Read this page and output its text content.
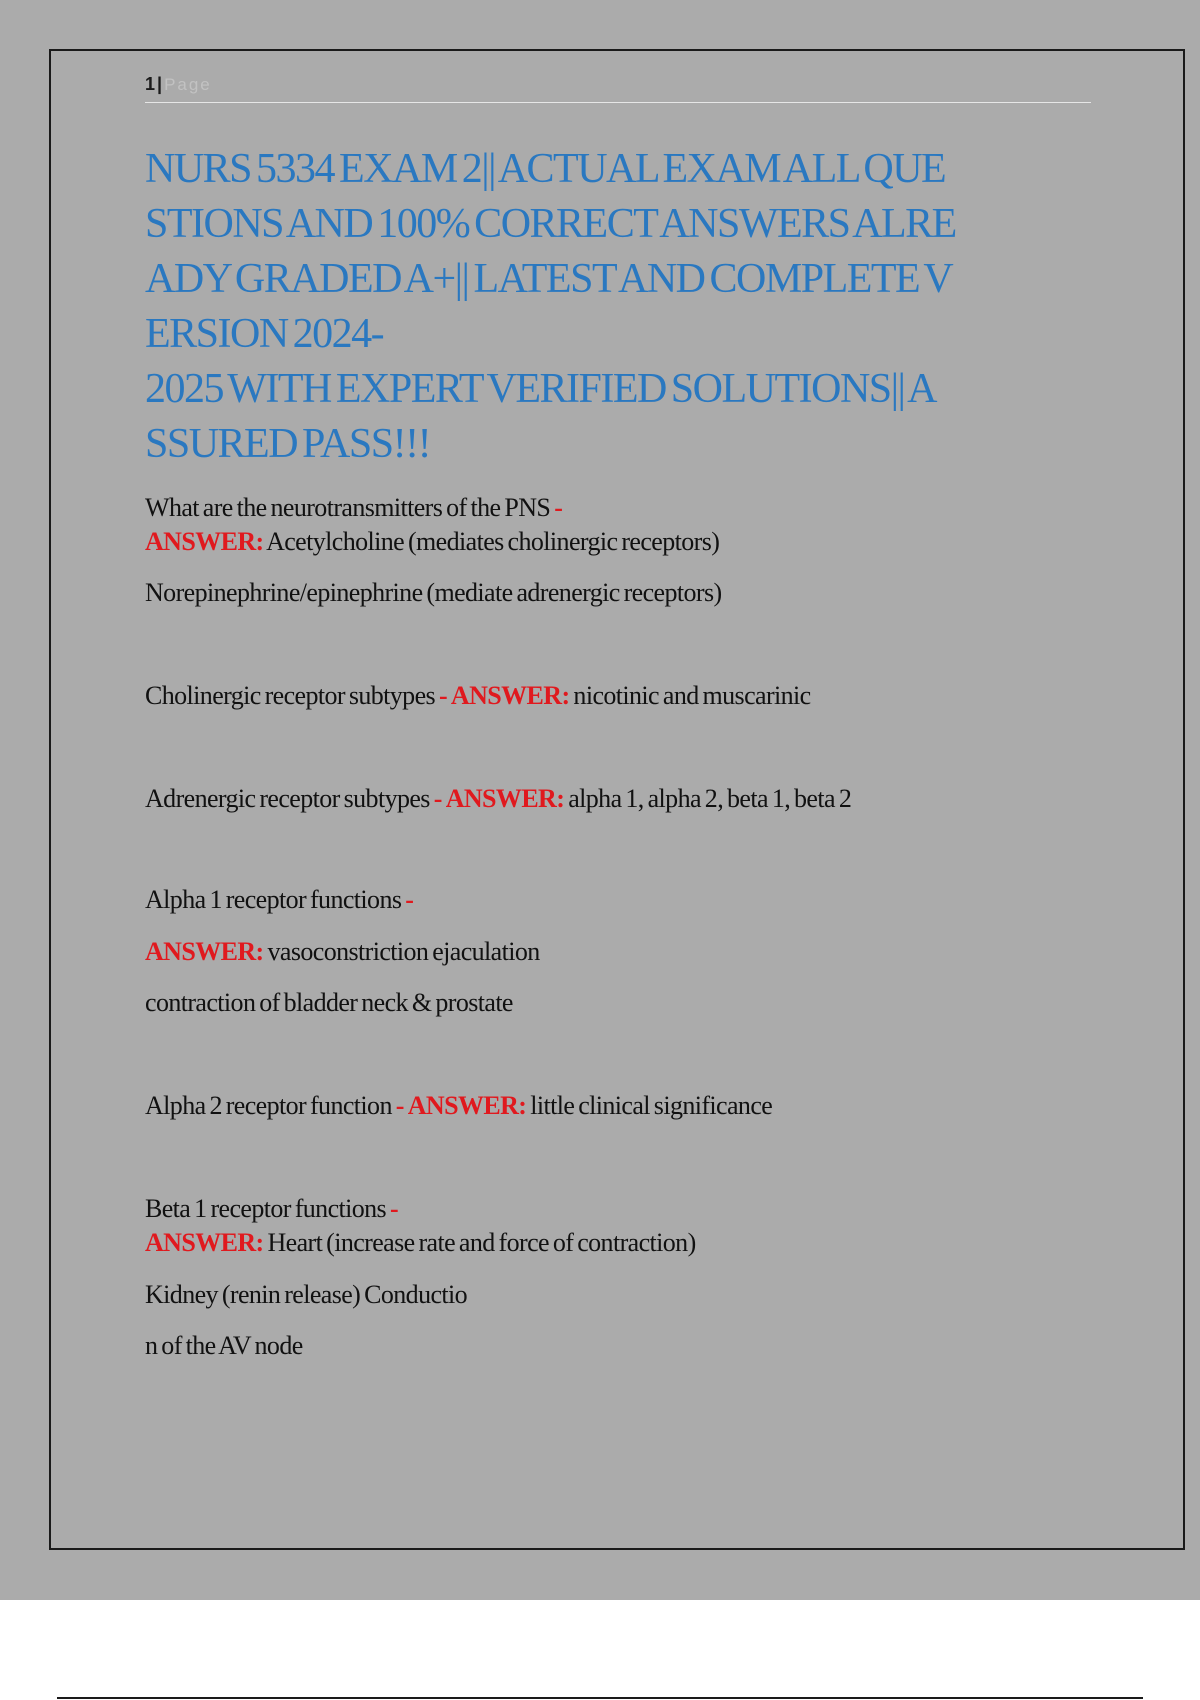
1 | Page
NURS 5334 EXAM 2|| ACTUAL EXAM ALL QUE
STIONS AND 100% CORRECT ANSWERS ALRE
ADY GRADED A+|| LATEST AND COMPLETE V
ERSION 2024-
2025 WITH EXPERT VERIFIED SOLUTIONS|| A
SSURED PASS!!!
What are the neurotransmitters of the PNS -
ANSWER: Acetylcholine (mediates cholinergic receptors)
Norepinephrine/epinephrine (mediate adrenergic receptors)
Cholinergic receptor subtypes - ANSWER: nicotinic and muscarinic
Adrenergic receptor subtypes - ANSWER: alpha 1, alpha 2, beta 1, beta 2
Alpha 1 receptor functions -
ANSWER: vasoconstriction ejaculation
contraction of bladder neck & prostate
Alpha 2 receptor function - ANSWER: little clinical significance
Beta 1 receptor functions -
ANSWER: Heart (increase rate and force of contraction)
Kidney (renin release) Conductio
n of the AV node
